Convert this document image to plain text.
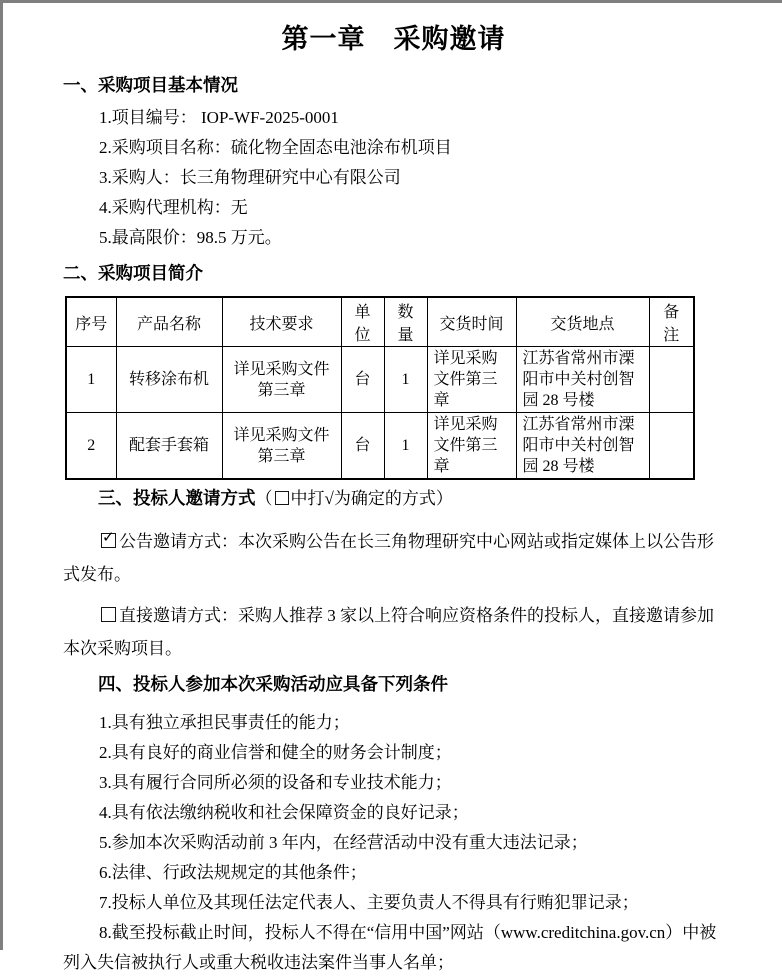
第一章　采购邀请
一、采购项目基本情况

1.项目编号： IOP-WF-2025-0001

2.采购项目名称：硫化物全固态电池涂布机项目

3.采购人：长三角物理研究中心有限公司

4.采购代理机构：无

5.最高限价：98.5 万元。

二、采购项目简介
序号	产品名称	技术要求	单位	数量	交货时间	交货地点	备注
1	转移涂布机	详见采购文件第三章	台	1	详见采购文件第三章	江苏省常州市溧阳市中关村创智园 28 号楼	
2	配套手套箱	详见采购文件第三章	台	1	详见采购文件第三章	江苏省常州市溧阳市中关村创智园 28 号楼	
三、投标人邀请方式（ 中打√为确定的方式）

✓公告邀请方式：本次采购公告在长三角物理研究中心网站或指定媒体上以公告形式发布。

直接邀请方式：采购人推荐 3 家以上符合响应资格条件的投标人，直接邀请参加本次采购项目。

四、投标人参加本次采购活动应具备下列条件

1.具有独立承担民事责任的能力；

2.具有良好的商业信誉和健全的财务会计制度；

3.具有履行合同所必须的设备和专业技术能力；

4.具有依法缴纳税收和社会保障资金的良好记录；

5.参加本次采购活动前 3 年内，在经营活动中没有重大违法记录；

6.法律、行政法规规定的其他条件；

7.投标人单位及其现任法定代表人、主要负责人不得具有行贿犯罪记录；

8.截至投标截止时间，投标人不得在“信用中国”网站（www.creditchina.gov.cn）中被列入失信被执行人或重大税收违法案件当事人名单；
